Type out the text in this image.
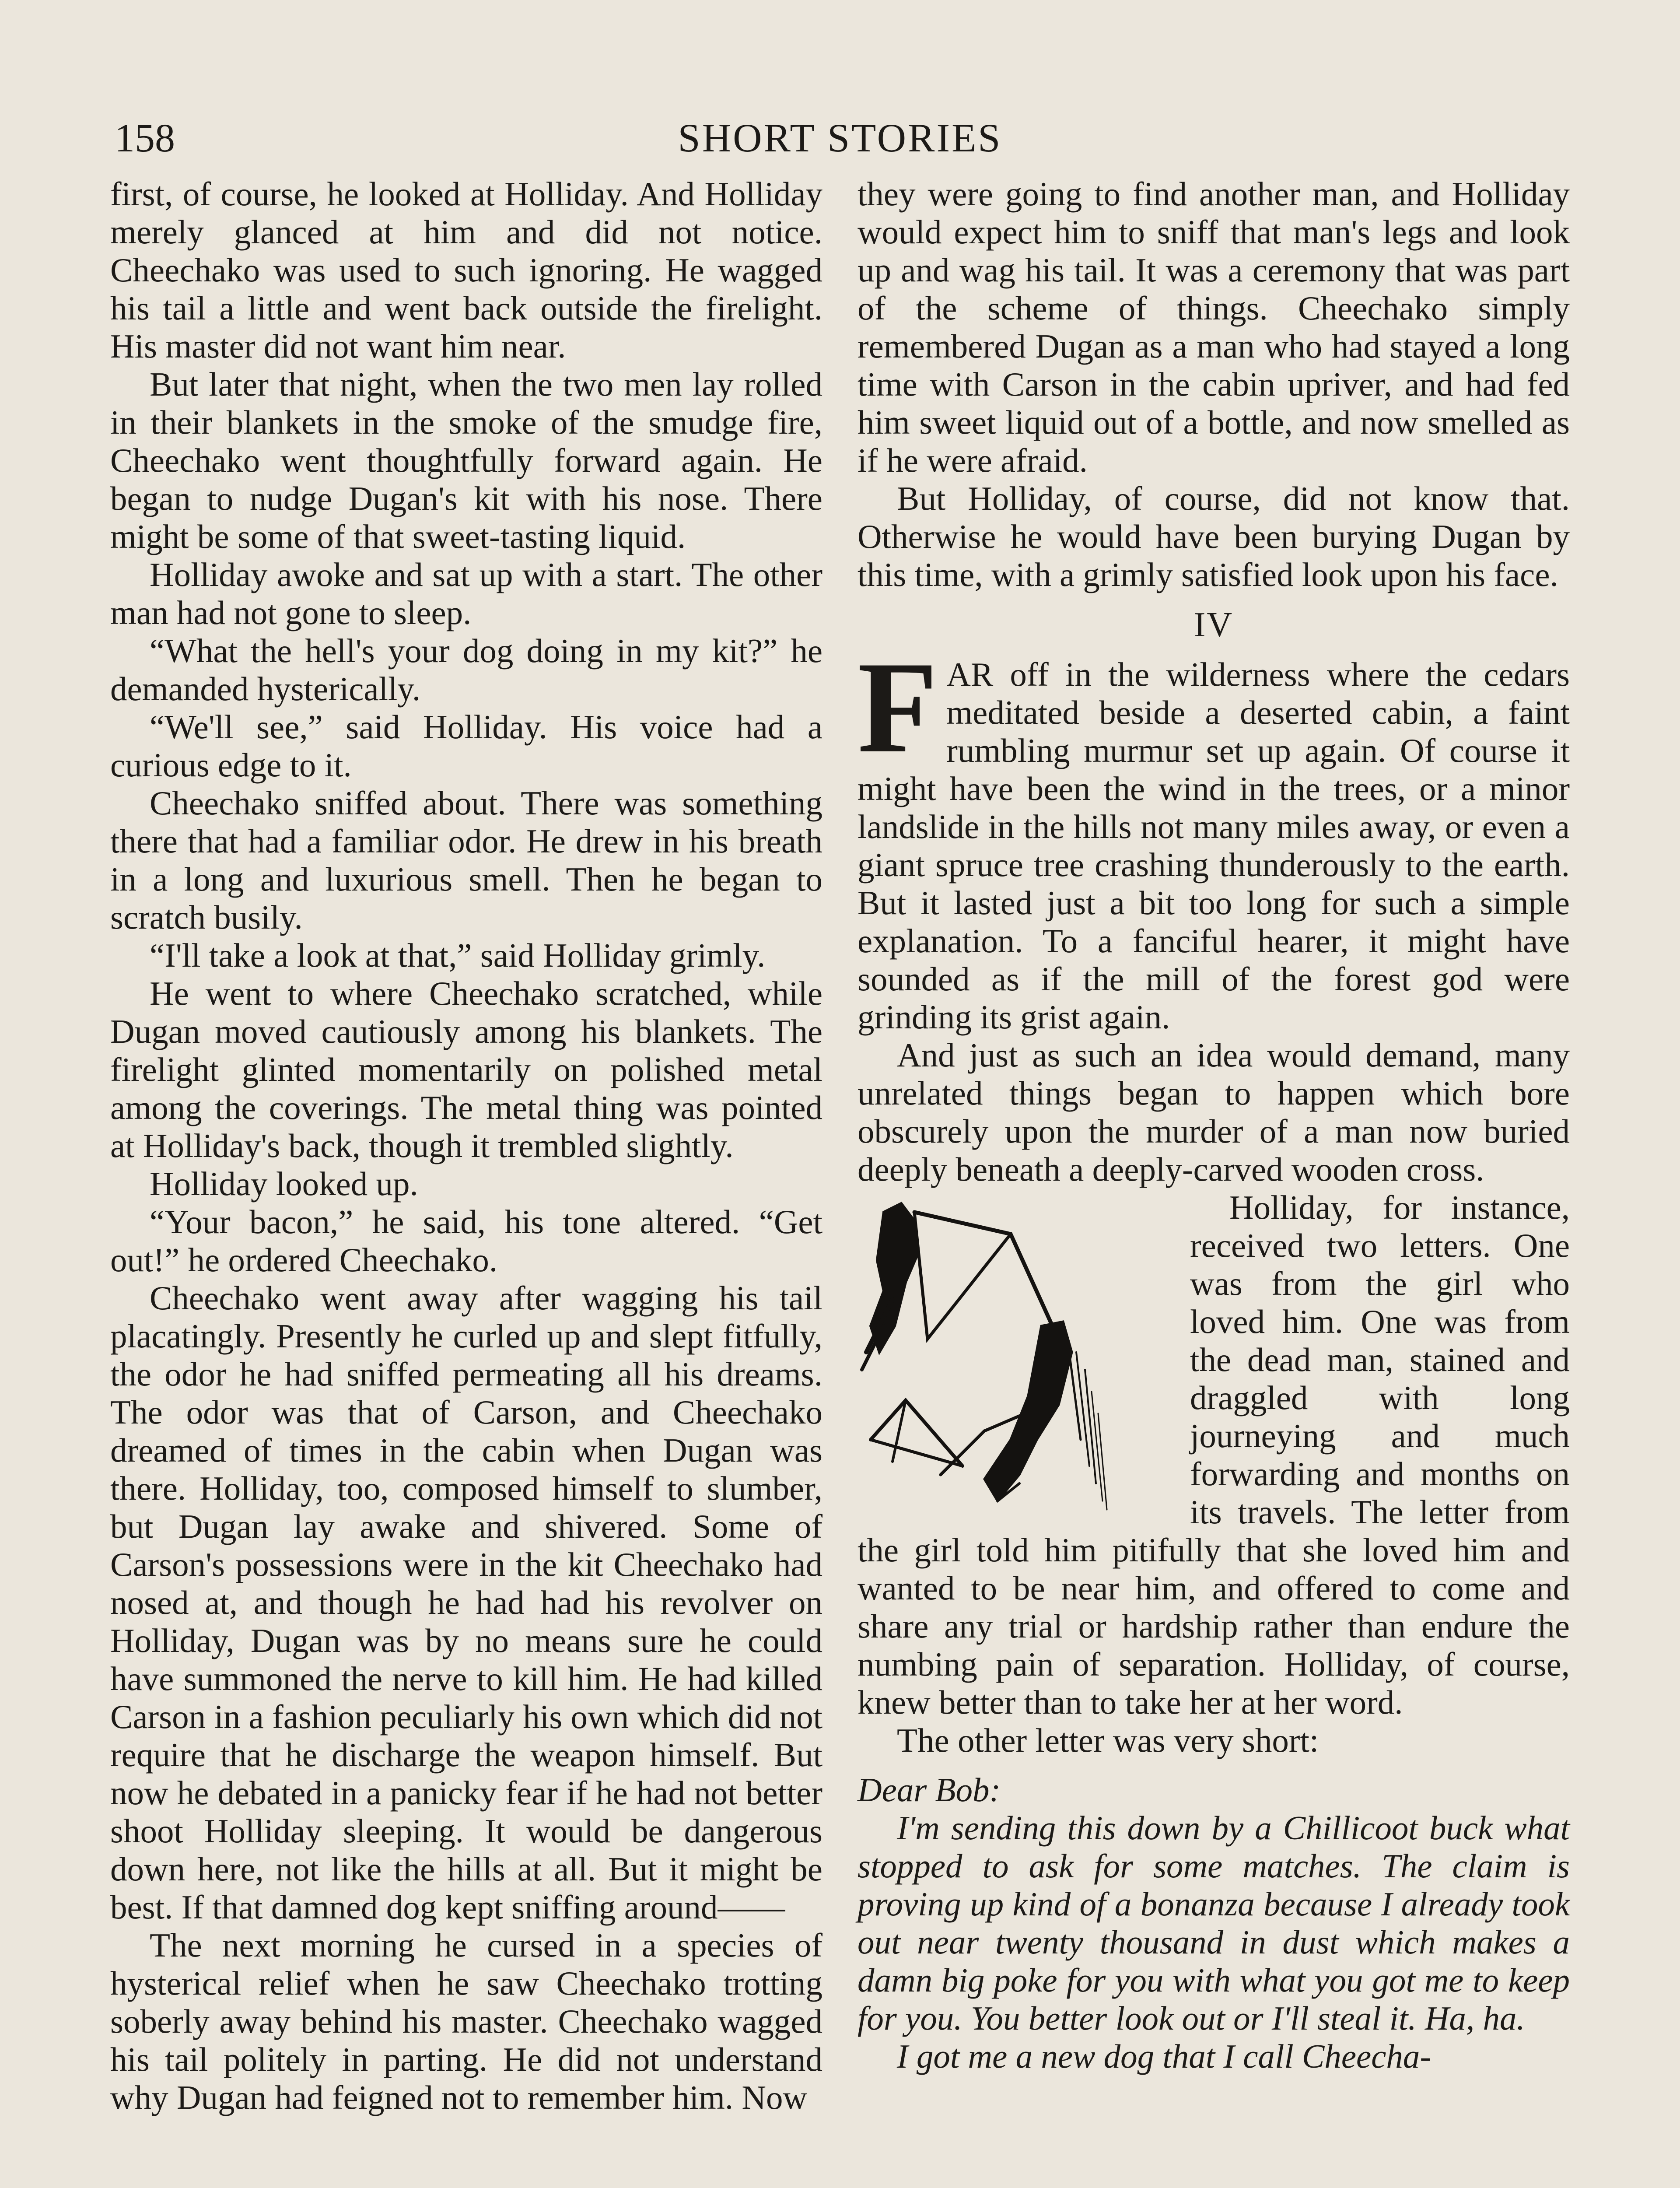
158	SHORT STORIES

first, of course, he looked at Holliday. And Holliday merely glanced at him and did not notice. Cheechako was used to such ignoring. He wagged his tail a little and went back outside the firelight. His master did not want him near.

But later that night, when the two men lay rolled in their blankets in the smoke of the smudge fire, Cheechako went thoughtfully forward again. He began to nudge Dugan's kit with his nose. There might be some of that sweet-tasting liquid.

Holliday awoke and sat up with a start. The other man had not gone to sleep.

“What the hell's your dog doing in my kit?” he demanded hysterically.

“We'll see,” said Holliday. His voice had a curious edge to it.

Cheechako sniffed about. There was something there that had a familiar odor. He drew in his breath in a long and luxurious smell. Then he began to scratch busily.

“I'll take a look at that,” said Holliday grimly.

He went to where Cheechako scratched, while Dugan moved cautiously among his blankets. The firelight glinted momentarily on polished metal among the coverings. The metal thing was pointed at Holliday's back, though it trembled slightly.

Holliday looked up.

“Your bacon,” he said, his tone altered. “Get out!” he ordered Cheechako.

Cheechako went away after wagging his tail placatingly. Presently he curled up and slept fitfully, the odor he had sniffed permeating all his dreams. The odor was that of Carson, and Cheechako dreamed of times in the cabin when Dugan was there. Holliday, too, composed himself to slumber, but Dugan lay awake and shivered. Some of Carson's possessions were in the kit Cheechako had nosed at, and though he had had his revolver on Holliday, Dugan was by no means sure he could have summoned the nerve to kill him. He had killed Carson in a fashion peculiarly his own which did not require that he discharge the weapon himself. But now he debated in a panicky fear if he had not better shoot Holliday sleeping. It would be dangerous down here, not like the hills at all. But it might be best. If that damned dog kept sniffing around——

The next morning he cursed in a species of hysterical relief when he saw Cheechako trotting soberly away behind his master. Cheechako wagged his tail politely in parting. He did not understand why Dugan had feigned not to remember him. Now

they were going to find another man, and Holliday would expect him to sniff that man's legs and look up and wag his tail. It was a ceremony that was part of the scheme of things. Cheechako simply remembered Dugan as a man who had stayed a long time with Carson in the cabin upriver, and had fed him sweet liquid out of a bottle, and now smelled as if he were afraid.

But Holliday, of course, did not know that. Otherwise he would have been burying Dugan by this time, with a grimly satisfied look upon his face.

IV

FAR off in the wilderness where the cedars meditated beside a deserted cabin, a faint rumbling murmur set up again. Of course it might have been the wind in the trees, or a minor landslide in the hills not many miles away, or even a giant spruce tree crashing thunderously to the earth. But it lasted just a bit too long for such a simple explanation. To a fanciful hearer, it might have sounded as if the mill of the forest god were grinding its grist again.

And just as such an idea would demand, many unrelated things began to happen which bore obscurely upon the murder of a man now buried deeply beneath a deeply-carved wooden cross.

Holliday, for instance, received two letters. One was from the girl who loved him. One was from the dead man, stained and draggled with long journeying and much forwarding and months on its travels. The letter from the girl told him pitifully that she loved him and wanted to be near him, and offered to come and share any trial or hardship rather than endure the numbing pain of separation. Holliday, of course, knew better than to take her at her word.

The other letter was very short:

Dear Bob:

I'm sending this down by a Chillicoot buck what stopped to ask for some matches. The claim is proving up kind of a bonanza because I already took out near twenty thousand in dust which makes a damn big poke for you with what you got me to keep for you. You better look out or I'll steal it. Ha, ha.

I got me a new dog that I call Cheecha-
